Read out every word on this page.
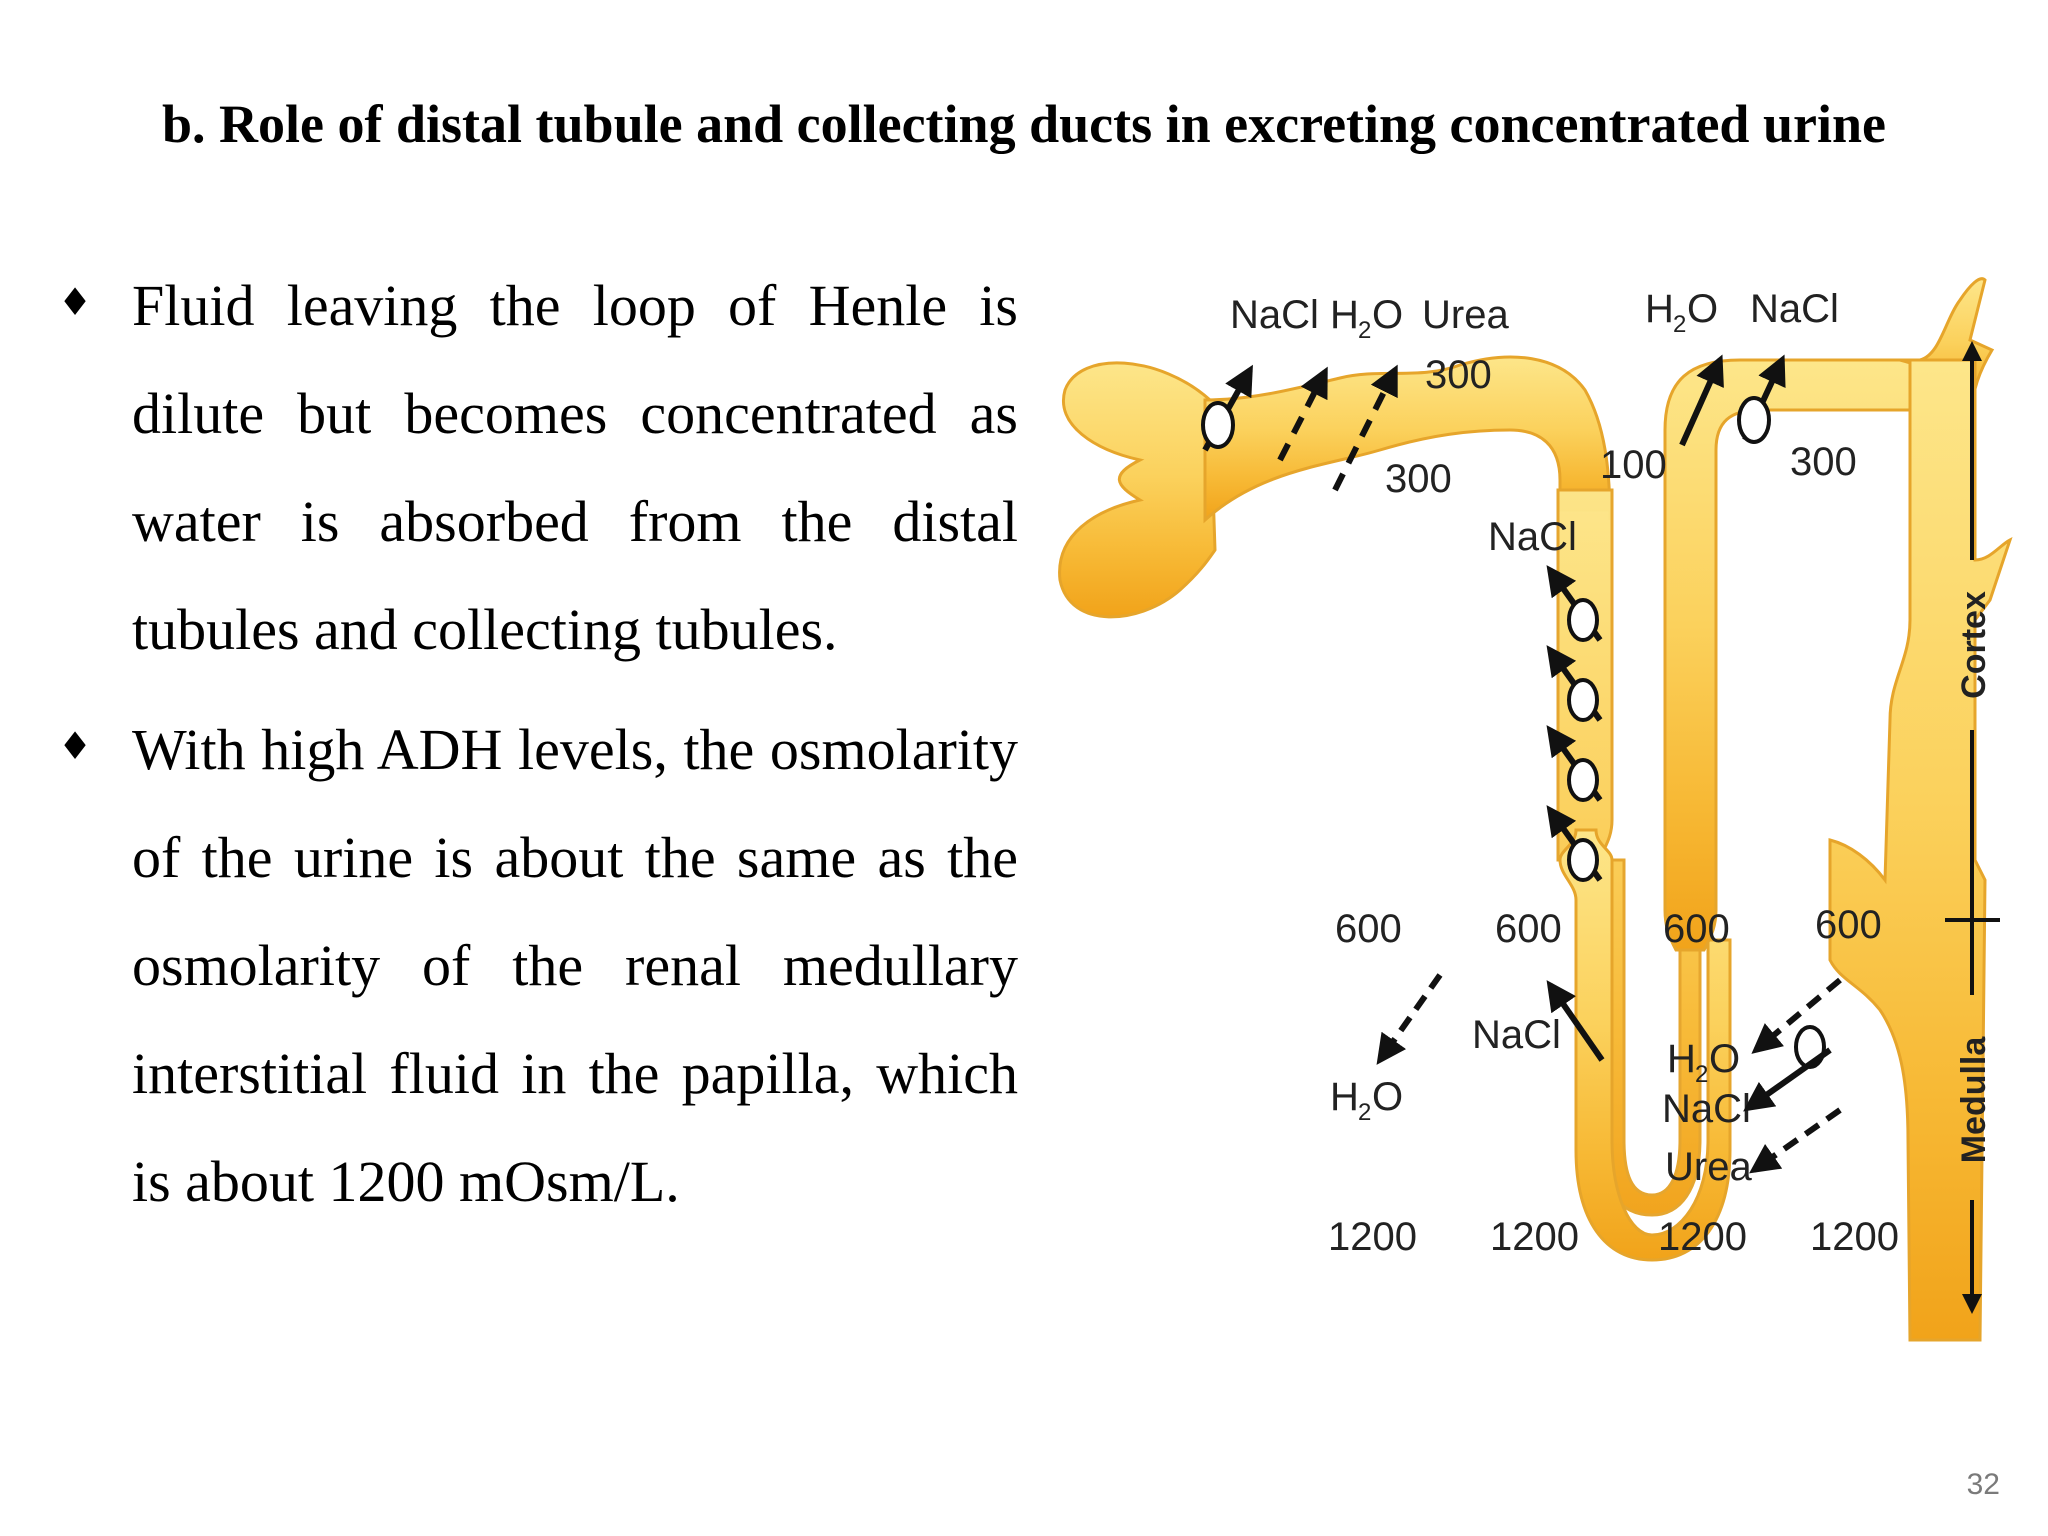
b. Role of distal tubule and collecting ducts in excreting concentrated urine
♦ Fluid leaving the loop of Henle is dilute but becomes concentrated as water is absorbed from the distal tubules and collecting tubules.
♦ With high ADH levels, the osmolarity of the urine is about the same as the osmolarity of the renal medullary interstitial fluid in the papilla, which is about 1200 mOsm/L.
NaCl H 2 O Urea
300
300
H 2 O NaCl
100	300
NaCl
600 600	600 600
1200 1200 1200 1200
H 2 O
NaCl
H 2 O
NaCl
Urea
Cortex
Medulla
32
